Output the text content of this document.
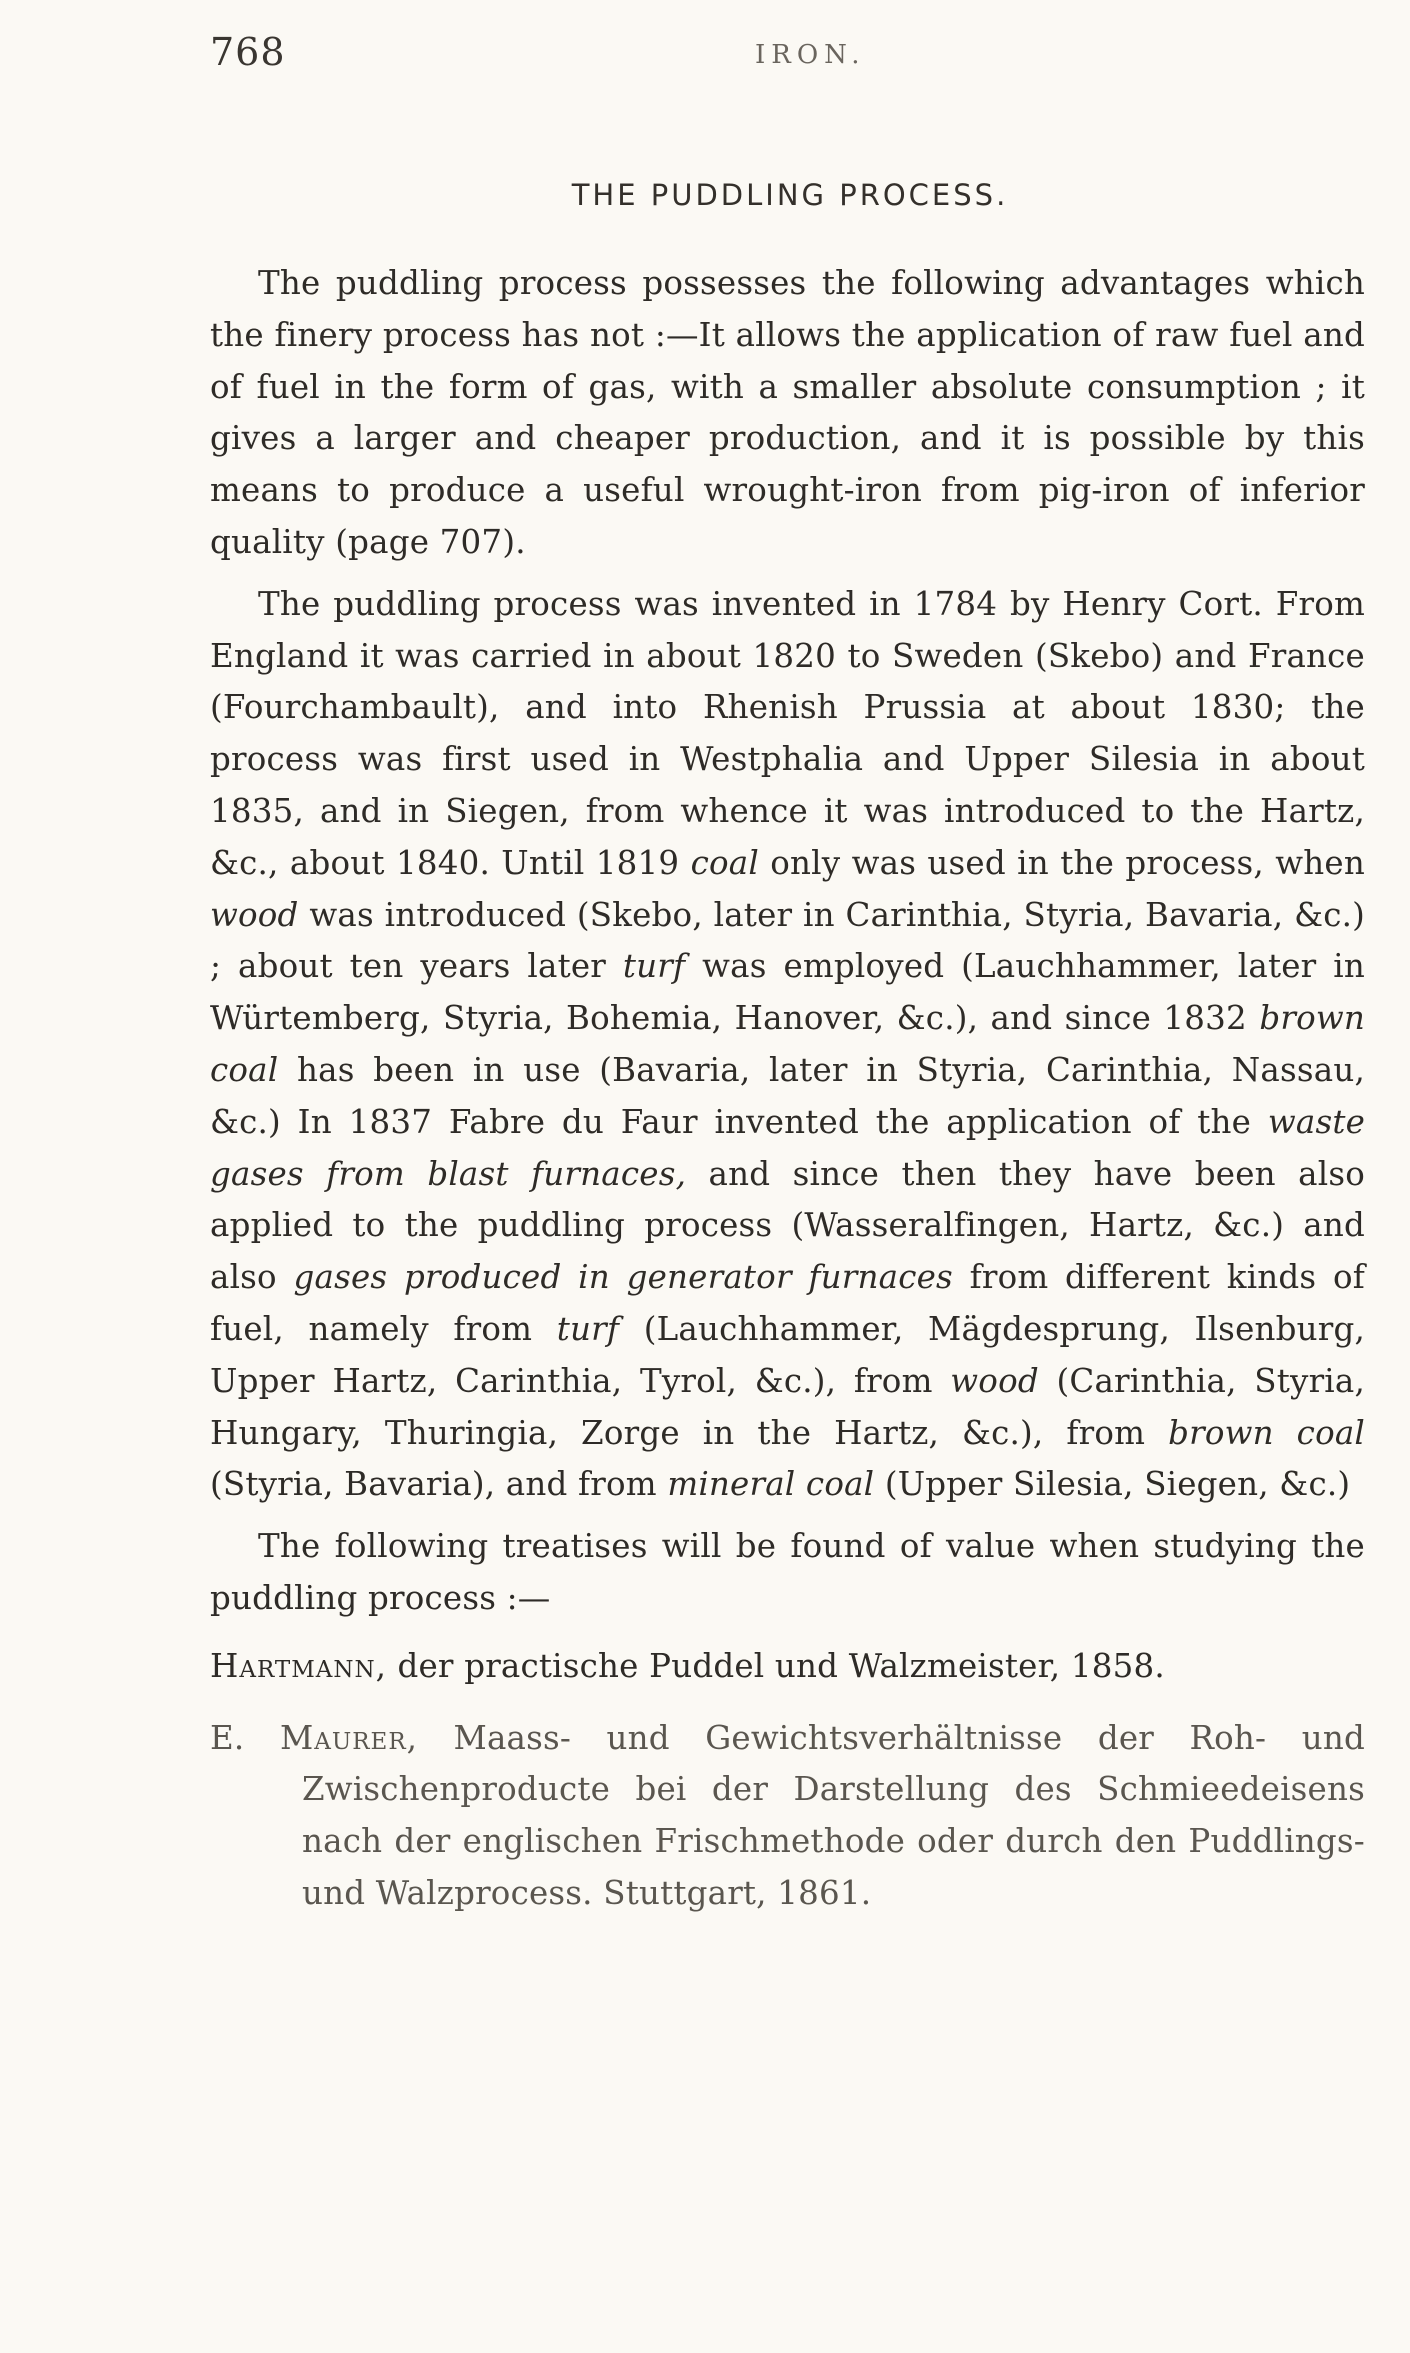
768	IRON.
THE PUDDLING PROCESS.

The puddling process possesses the following advantages which the finery process has not :—It allows the application of raw fuel and of fuel in the form of gas, with a smaller absolute consumption ; it gives a larger and cheaper production, and it is possible by this means to produce a useful wrought-iron from pig-iron of inferior quality (page 707).

The puddling process was invented in 1784 by Henry Cort. From England it was carried in about 1820 to Sweden (Skebo) and France (Fourchambault), and into Rhenish Prussia at about 1830; the process was first used in Westphalia and Upper Silesia in about 1835, and in Siegen, from whence it was introduced to the Hartz, &c., about 1840. Until 1819 coal only was used in the process, when wood was introduced (Skebo, later in Carinthia, Styria, Bavaria, &c.) ; about ten years later turf was employed (Lauchhammer, later in Würtemberg, Styria, Bohemia, Hanover, &c.), and since 1832 brown coal has been in use (Bavaria, later in Styria, Carinthia, Nassau, &c.) In 1837 Fabre du Faur invented the application of the waste gases from blast furnaces, and since then they have been also applied to the puddling process (Wasseralfingen, Hartz, &c.) and also gases produced in generator furnaces from different kinds of fuel, namely from turf (Lauchhammer, Mägdesprung, Ilsenburg, Upper Hartz, Carinthia, Tyrol, &c.), from wood (Carinthia, Styria, Hungary, Thuringia, Zorge in the Hartz, &c.), from brown coal (Styria, Bavaria), and from mineral coal (Upper Silesia, Siegen, &c.)

The following treatises will be found of value when studying the puddling process :—

Hartmann, der practische Puddel und Walzmeister, 1858.

E. Maurer, Maass- und Gewichtsverhältnisse der Roh- und Zwischenproducte bei der Darstellung des Schmieedeisens nach der englischen Frischmethode oder durch den Puddlings- und Walzprocess. Stuttgart, 1861.
